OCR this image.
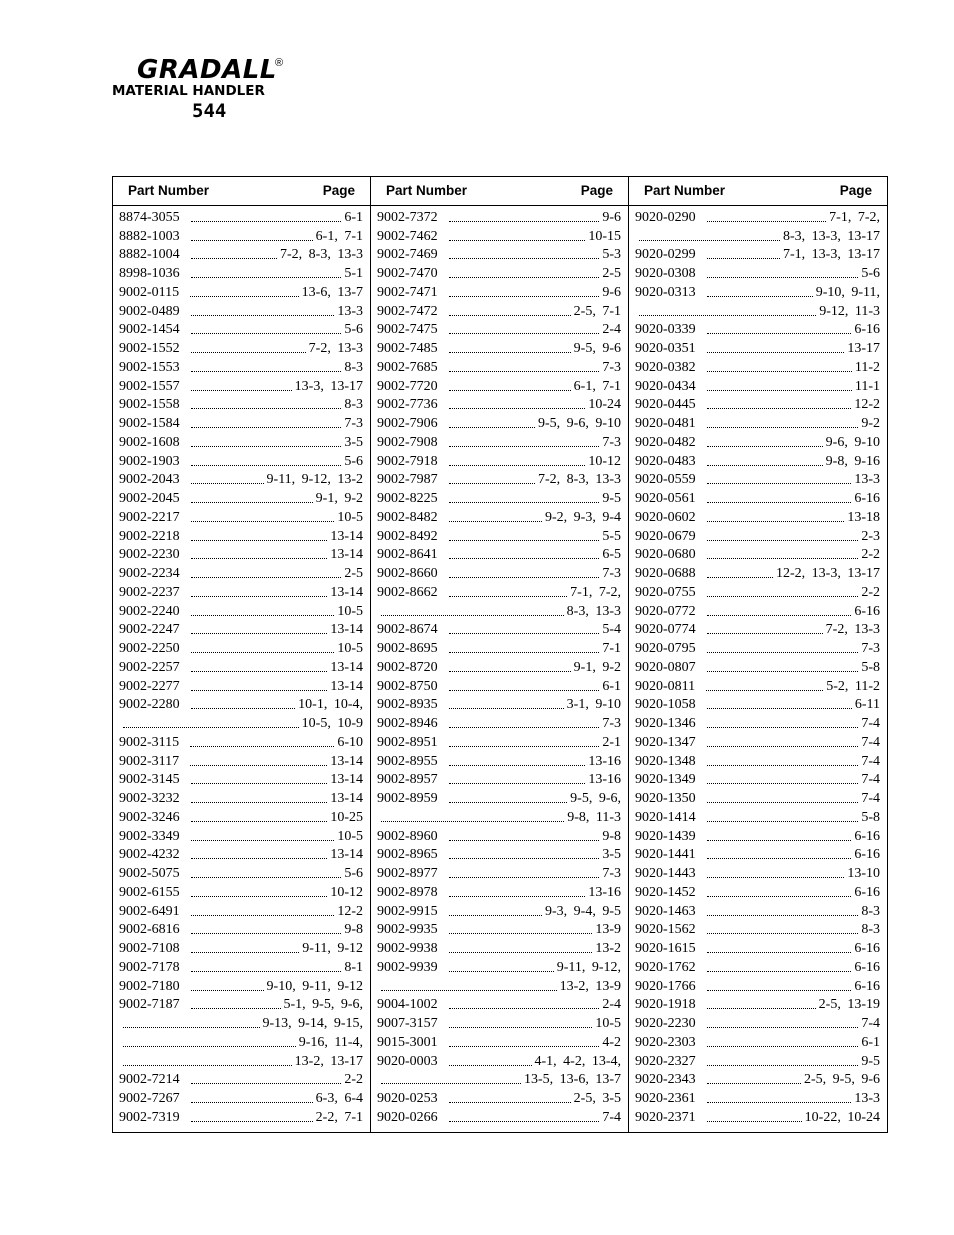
GRADALL
®
MATERIAL HANDLER
544
Part Number	Page
8874-3055	6-1
8882-1003	6-1, 7-1
8882-1004	7-2, 8-3, 13-3
8998-1036	5-1
9002-0115	13-6, 13-7
9002-0489	13-3
9002-1454	5-6
9002-1552	7-2, 13-3
9002-1553	8-3
9002-1557	13-3, 13-17
9002-1558	8-3
9002-1584	7-3
9002-1608	3-5
9002-1903	5-6
9002-2043	9-11, 9-12, 13-2
9002-2045	9-1, 9-2
9002-2217	10-5
9002-2218	13-14
9002-2230	13-14
9002-2234	2-5
9002-2237	13-14
9002-2240	10-5
9002-2247	13-14
9002-2250	10-5
9002-2257	13-14
9002-2277	13-14
9002-2280	10-1, 10-4,
10-5, 10-9
9002-3115	6-10
9002-3117	13-14
9002-3145	13-14
9002-3232	13-14
9002-3246	10-25
9002-3349	10-5
9002-4232	13-14
9002-5075	5-6
9002-6155	10-12
9002-6491	12-2
9002-6816	9-8
9002-7108	9-11, 9-12
9002-7178	8-1
9002-7180	9-10, 9-11, 9-12
9002-7187	5-1, 9-5, 9-6,
9-13, 9-14, 9-15,
9-16, 11-4,
13-2, 13-17
9002-7214	2-2
9002-7267	6-3, 6-4
9002-7319	2-2, 7-1
Part Number	Page
9002-7372	9-6
9002-7462	10-15
9002-7469	5-3
9002-7470	2-5
9002-7471	9-6
9002-7472	2-5, 7-1
9002-7475	2-4
9002-7485	9-5, 9-6
9002-7685	7-3
9002-7720	6-1, 7-1
9002-7736	10-24
9002-7906	9-5, 9-6, 9-10
9002-7908	7-3
9002-7918	10-12
9002-7987	7-2, 8-3, 13-3
9002-8225	9-5
9002-8482	9-2, 9-3, 9-4
9002-8492	5-5
9002-8641	6-5
9002-8660	7-3
9002-8662	7-1, 7-2,
8-3, 13-3
9002-8674	5-4
9002-8695	7-1
9002-8720	9-1, 9-2
9002-8750	6-1
9002-8935	3-1, 9-10
9002-8946	7-3
9002-8951	2-1
9002-8955	13-16
9002-8957	13-16
9002-8959	9-5, 9-6,
9-8, 11-3
9002-8960	9-8
9002-8965	3-5
9002-8977	7-3
9002-8978	13-16
9002-9915	9-3, 9-4, 9-5
9002-9935	13-9
9002-9938	13-2
9002-9939	9-11, 9-12,
13-2, 13-9
9004-1002	2-4
9007-3157	10-5
9015-3001	4-2
9020-0003	4-1, 4-2, 13-4,
13-5, 13-6, 13-7
9020-0253	2-5, 3-5
9020-0266	7-4
Part Number	Page
9020-0290	7-1, 7-2,
8-3, 13-3, 13-17
9020-0299	7-1, 13-3, 13-17
9020-0308	5-6
9020-0313	9-10, 9-11,
9-12, 11-3
9020-0339	6-16
9020-0351	13-17
9020-0382	11-2
9020-0434	11-1
9020-0445	12-2
9020-0481	9-2
9020-0482	9-6, 9-10
9020-0483	9-8, 9-16
9020-0559	13-3
9020-0561	6-16
9020-0602	13-18
9020-0679	2-3
9020-0680	2-2
9020-0688	12-2, 13-3, 13-17
9020-0755	2-2
9020-0772	6-16
9020-0774	7-2, 13-3
9020-0795	7-3
9020-0807	5-8
9020-0811	5-2, 11-2
9020-1058	6-11
9020-1346	7-4
9020-1347	7-4
9020-1348	7-4
9020-1349	7-4
9020-1350	7-4
9020-1414	5-8
9020-1439	6-16
9020-1441	6-16
9020-1443	13-10
9020-1452	6-16
9020-1463	8-3
9020-1562	8-3
9020-1615	6-16
9020-1762	6-16
9020-1766	6-16
9020-1918	2-5, 13-19
9020-2230	7-4
9020-2303	6-1
9020-2327	9-5
9020-2343	2-5, 9-5, 9-6
9020-2361	13-3
9020-2371	10-22, 10-24
